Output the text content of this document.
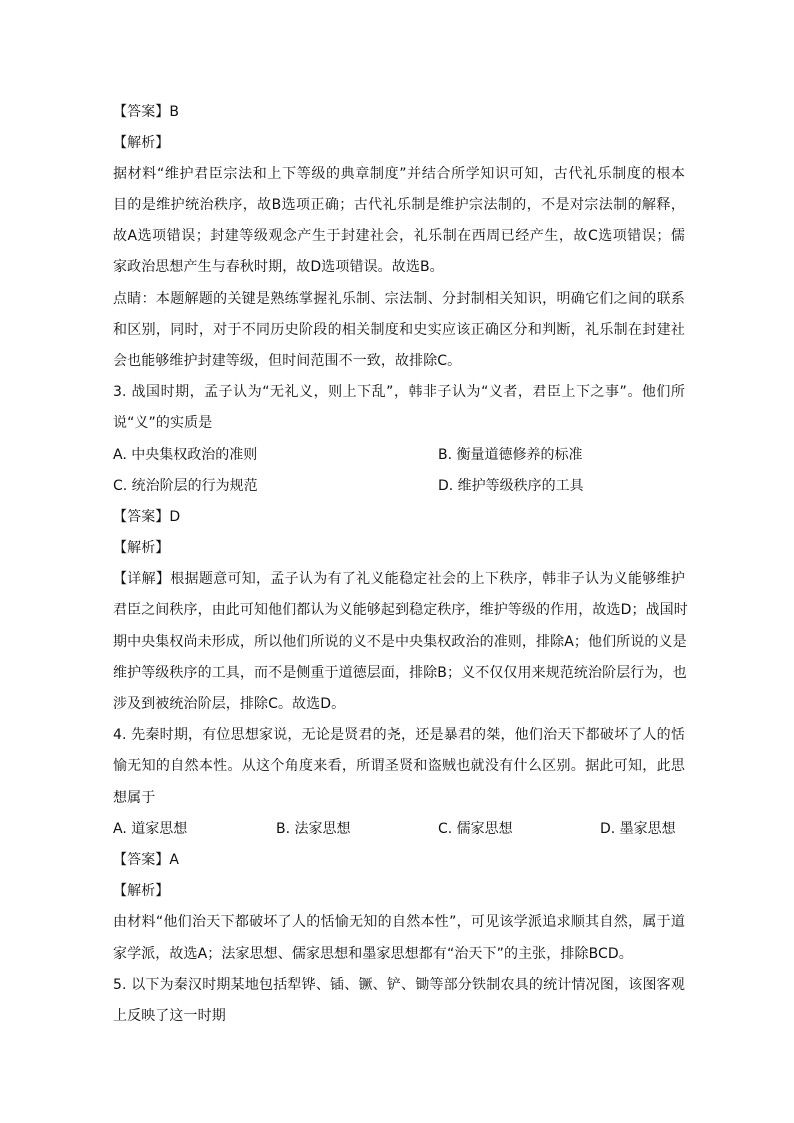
【答案】B
【解析】
据材料“维护君臣宗法和上下等级的典章制度”并结合所学知识可知，古代礼乐制度的根本
目的是维护统治秩序，故B选项正确；古代礼乐制是维护宗法制的，不是对宗法制的解释，
故A选项错误；封建等级观念产生于封建社会，礼乐制在西周已经产生，故C选项错误；儒
家政治思想产生与春秋时期，故D选项错误。故选B。
点睛：本题解题的关键是熟练掌握礼乐制、宗法制、分封制相关知识，明确它们之间的联系
和区别，同时，对于不同历史阶段的相关制度和史实应该正确区分和判断，礼乐制在封建社
会也能够维护封建等级，但时间范围不一致，故排除C。
3. 战国时期，孟子认为“无礼义，则上下乱”，韩非子认为“义者，君臣上下之事”。他们所
说“义”的实质是
A. 中央集权政治的准则	B. 衡量道德修养的标准
C. 统治阶层的行为规范	D. 维护等级秩序的工具
【答案】D
【解析】
【详解】根据题意可知，孟子认为有了礼义能稳定社会的上下秩序，韩非子认为义能够维护
君臣之间秩序，由此可知他们都认为义能够起到稳定秩序，维护等级的作用，故选D；战国时
期中央集权尚未形成，所以他们所说的义不是中央集权政治的准则，排除A；他们所说的义是
维护等级秩序的工具，而不是侧重于道德层面，排除B；义不仅仅用来规范统治阶层行为，也
涉及到被统治阶层，排除C。故选D。
4. 先秦时期，有位思想家说，无论是贤君的尧，还是暴君的桀，他们治天下都破坏了人的恬
愉无知的自然本性。从这个角度来看，所谓圣贤和盗贼也就没有什么区别。据此可知，此思
想属于
A. 道家思想	B. 法家思想	C. 儒家思想	D. 墨家思想
【答案】A
【解析】
由材料“他们治天下都破坏了人的恬愉无知的自然本性”，可见该学派追求顺其自然，属于道
家学派，故选A；法家思想、儒家思想和墨家思想都有“治天下”的主张，排除BCD。
5. 以下为秦汉时期某地包括犁铧、锸、镢、铲、锄等部分铁制农具的统计情况图，该图客观
上反映了这一时期
